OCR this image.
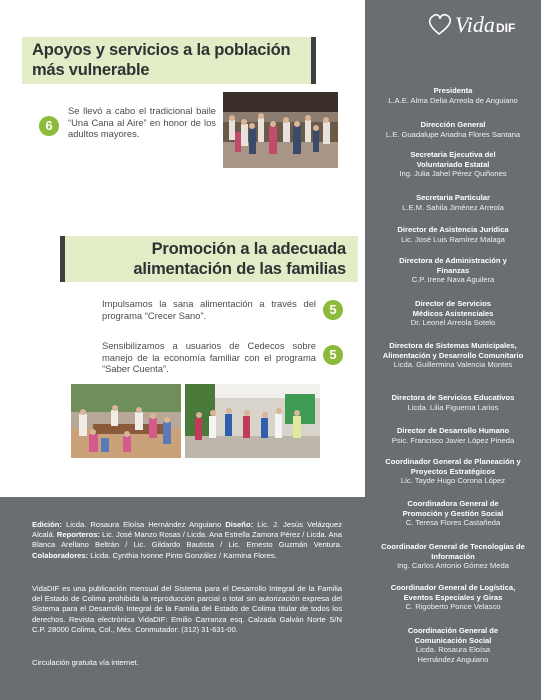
Apoyos y servicios a la población más vulnerable
6
Se llevó a cabo el tradicional baile “Una Cana al Aire” en honor de los adultos mayores.
Promoción a la adecuada alimentación de las familias
Impulsamos la sana alimentación a través del programa “Crecer Sano”.	5
Sensibilizamos a usuarios de Cedecos sobre manejo de la economía familiar con el programa “Saber Cuenta”.
5
Vida DIF
Presidenta
L.A.E. Alma Delia Arreola de Anguiano
Dirección General
L.E. Guadalupe Ariadna Flores Santana
Secretaria Ejecutiva del Voluntariado Estatal
Ing. Julia Jahel Pérez Quiñones
Secretaria Particular
L.E.M. Sahila Jiménez Arreola
Director de Asistencia Jurídica
Lic. José Luis Ramírez Malaga
Directora de Administración y Finanzas
C.P. Irene Nava Aguilera
Director de Servicios Médicos Asistenciales
Dr. Leonel Arreola Sotelo
Directora de Sistemas Municipales, Alimentación y Desarrollo Comunitario
Licda. Guillermina Valencia Montes
Directora de Servicios Educativos
Licda. Lilia Figueroa Larios
Director de Desarrollo Humano
Psic. Francisco Javier López Pineda
Coordinador General de Planeación y Proyectos Estratégicos
Lic. Tayde Hugo Corona López
Coordinadora General de Promoción y Gestión Social
C. Teresa Flores Castañeda
Coordinador General de Tecnologías de Información
Ing. Carlos Antonio Gómez Meda
Coordinador General de Logística, Eventos Especiales y Giras
C. Rigoberto Ponce Velasco
Coordinación General de Comunicación Social
Licda. Rosaura Eloísa Hernández Anguiano
Edición: Licda. Rosaura Eloísa Hernández Anguiano Diseño: Lic. J. Jesús Velázquez Alcalá. Reporteros: Lic. José Manzo Rosas / Licda. Ana Estrella Zamora Pérez / Licda. Ana Blanca Arellano Beltrán / Lic. Gildardo Bautista / Lic. Ernesto Guzmán Ventura. Colaboradores: Licda. Cynthia Ivonne Pinto González / Karmina Flores.
VidaDIF es una publicación mensual del Sistema para el Desarrollo Integral de la Familia del Estado de Colima prohibida la reproducción parcial o total sin autorización expresa del Sistema para el Desarrollo Integral de la Familia del Estado de Colima titular de todos los derechos. Revista electrónica VidaDIF: Emilio Carranza esq. Calzada Galván Norte S/N C.P. 28000 Colima, Col., Méx. Conmutador: (312) 31-631-00.
Circulación gratuita vía internet.
